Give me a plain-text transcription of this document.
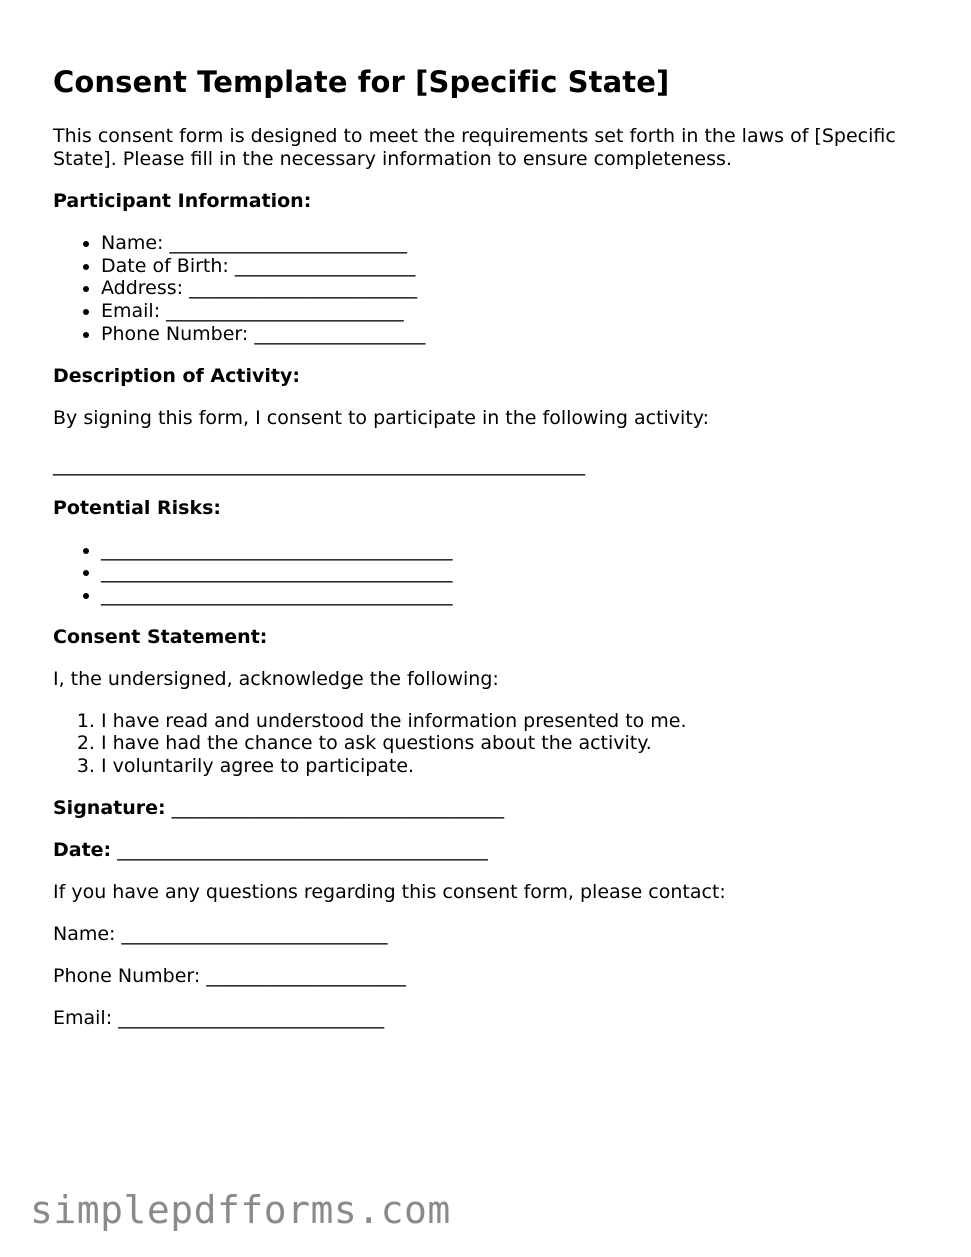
Consent Template for [Specific State]

This consent form is designed to meet the requirements set forth in the laws of [Specific State]. Please fill in the necessary information to ensure completeness.

Participant Information:

• Name: _________________________
• Date of Birth: ___________________
• Address: ________________________
• Email: _________________________
• Phone Number: __________________

Description of Activity:

By signing this form, I consent to participate in the following activity:

________________________________________________________

Potential Risks:

• _____________________________________
• _____________________________________
• _____________________________________

Consent Statement:

I, the undersigned, acknowledge the following:

1. I have read and understood the information presented to me.
2. I have had the chance to ask questions about the activity.
3. I voluntarily agree to participate.

Signature: ___________________________________

Date: _______________________________________

If you have any questions regarding this consent form, please contact:

Name: ____________________________

Phone Number: _____________________

Email: ____________________________

simplepdfforms.com
